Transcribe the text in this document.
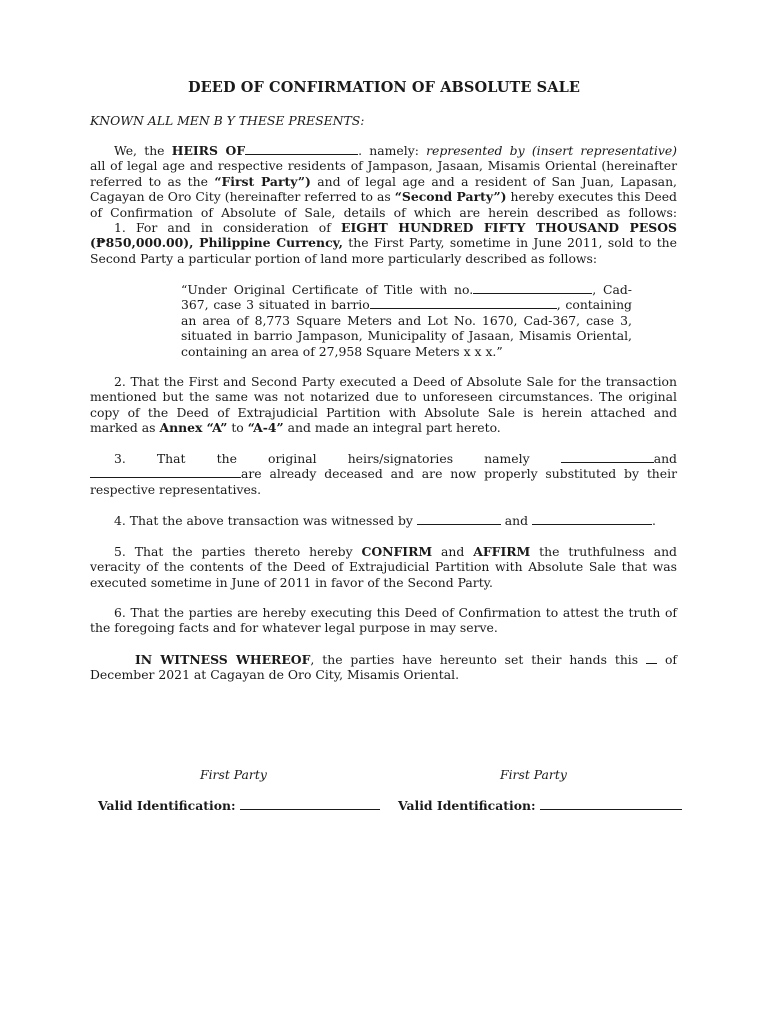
DEED OF CONFIRMATION OF ABSOLUTE SALE
KNOWN ALL MEN B Y THESE PRESENTS:
We, the HEIRS OF	. namely: represented by (insert representative)
all of legal age and respective residents of Jampason, Jasaan, Misamis Oriental (hereinafter
referred to as the “First Party”) and of legal age and a resident of San Juan, Lapasan,
Cagayan de Oro City (hereinafter referred to as “Second Party”) hereby executes this Deed
of Confirmation of Absolute of Sale, details of which are herein described as follows:
1. For and in consideration of EIGHT HUNDRED FIFTY THOUSAND PESOS
(₱850,000.00), Philippine Currency, the First Party, sometime in June 2011, sold to the
Second Party a particular portion of land more particularly described as follows:
“Under Original Certificate of Title with no.	, Cad-
367, case 3 situated in barrio	, containing
an area of 8,773 Square Meters and Lot No. 1670, Cad-367, case 3,
situated in barrio Jampason, Municipality of Jasaan, Misamis Oriental,
containing an area of 27,958 Square Meters x x x.”
2. That the First and Second Party executed a Deed of Absolute Sale for the transaction
mentioned but the same was not notarized due to unforeseen circumstances. The original
copy of the Deed of Extrajudicial Partition with Absolute Sale is herein attached and
marked as Annex “A” to “A-4” and made an integral part hereto.
3.	That	the	original	heirs/signatories	namely	and
are already deceased and are now properly substituted by their
respective representatives.
4. That the above transaction was witnessed by	and	.
5. That the parties thereto hereby CONFIRM and AFFIRM the truthfulness and
veracity of the contents of the Deed of Extrajudicial Partition with Absolute Sale that was
executed sometime in June of 2011 in favor of the Second Party.
6. That the parties are hereby executing this Deed of Confirmation to attest the truth of
the foregoing facts and for whatever legal purpose in may serve.
IN WITNESS WHEREOF, the parties have hereunto set their hands this  of
December 2021 at Cagayan de Oro City, Misamis Oriental.
First Party	First Party
Valid Identification:	Valid Identification:
